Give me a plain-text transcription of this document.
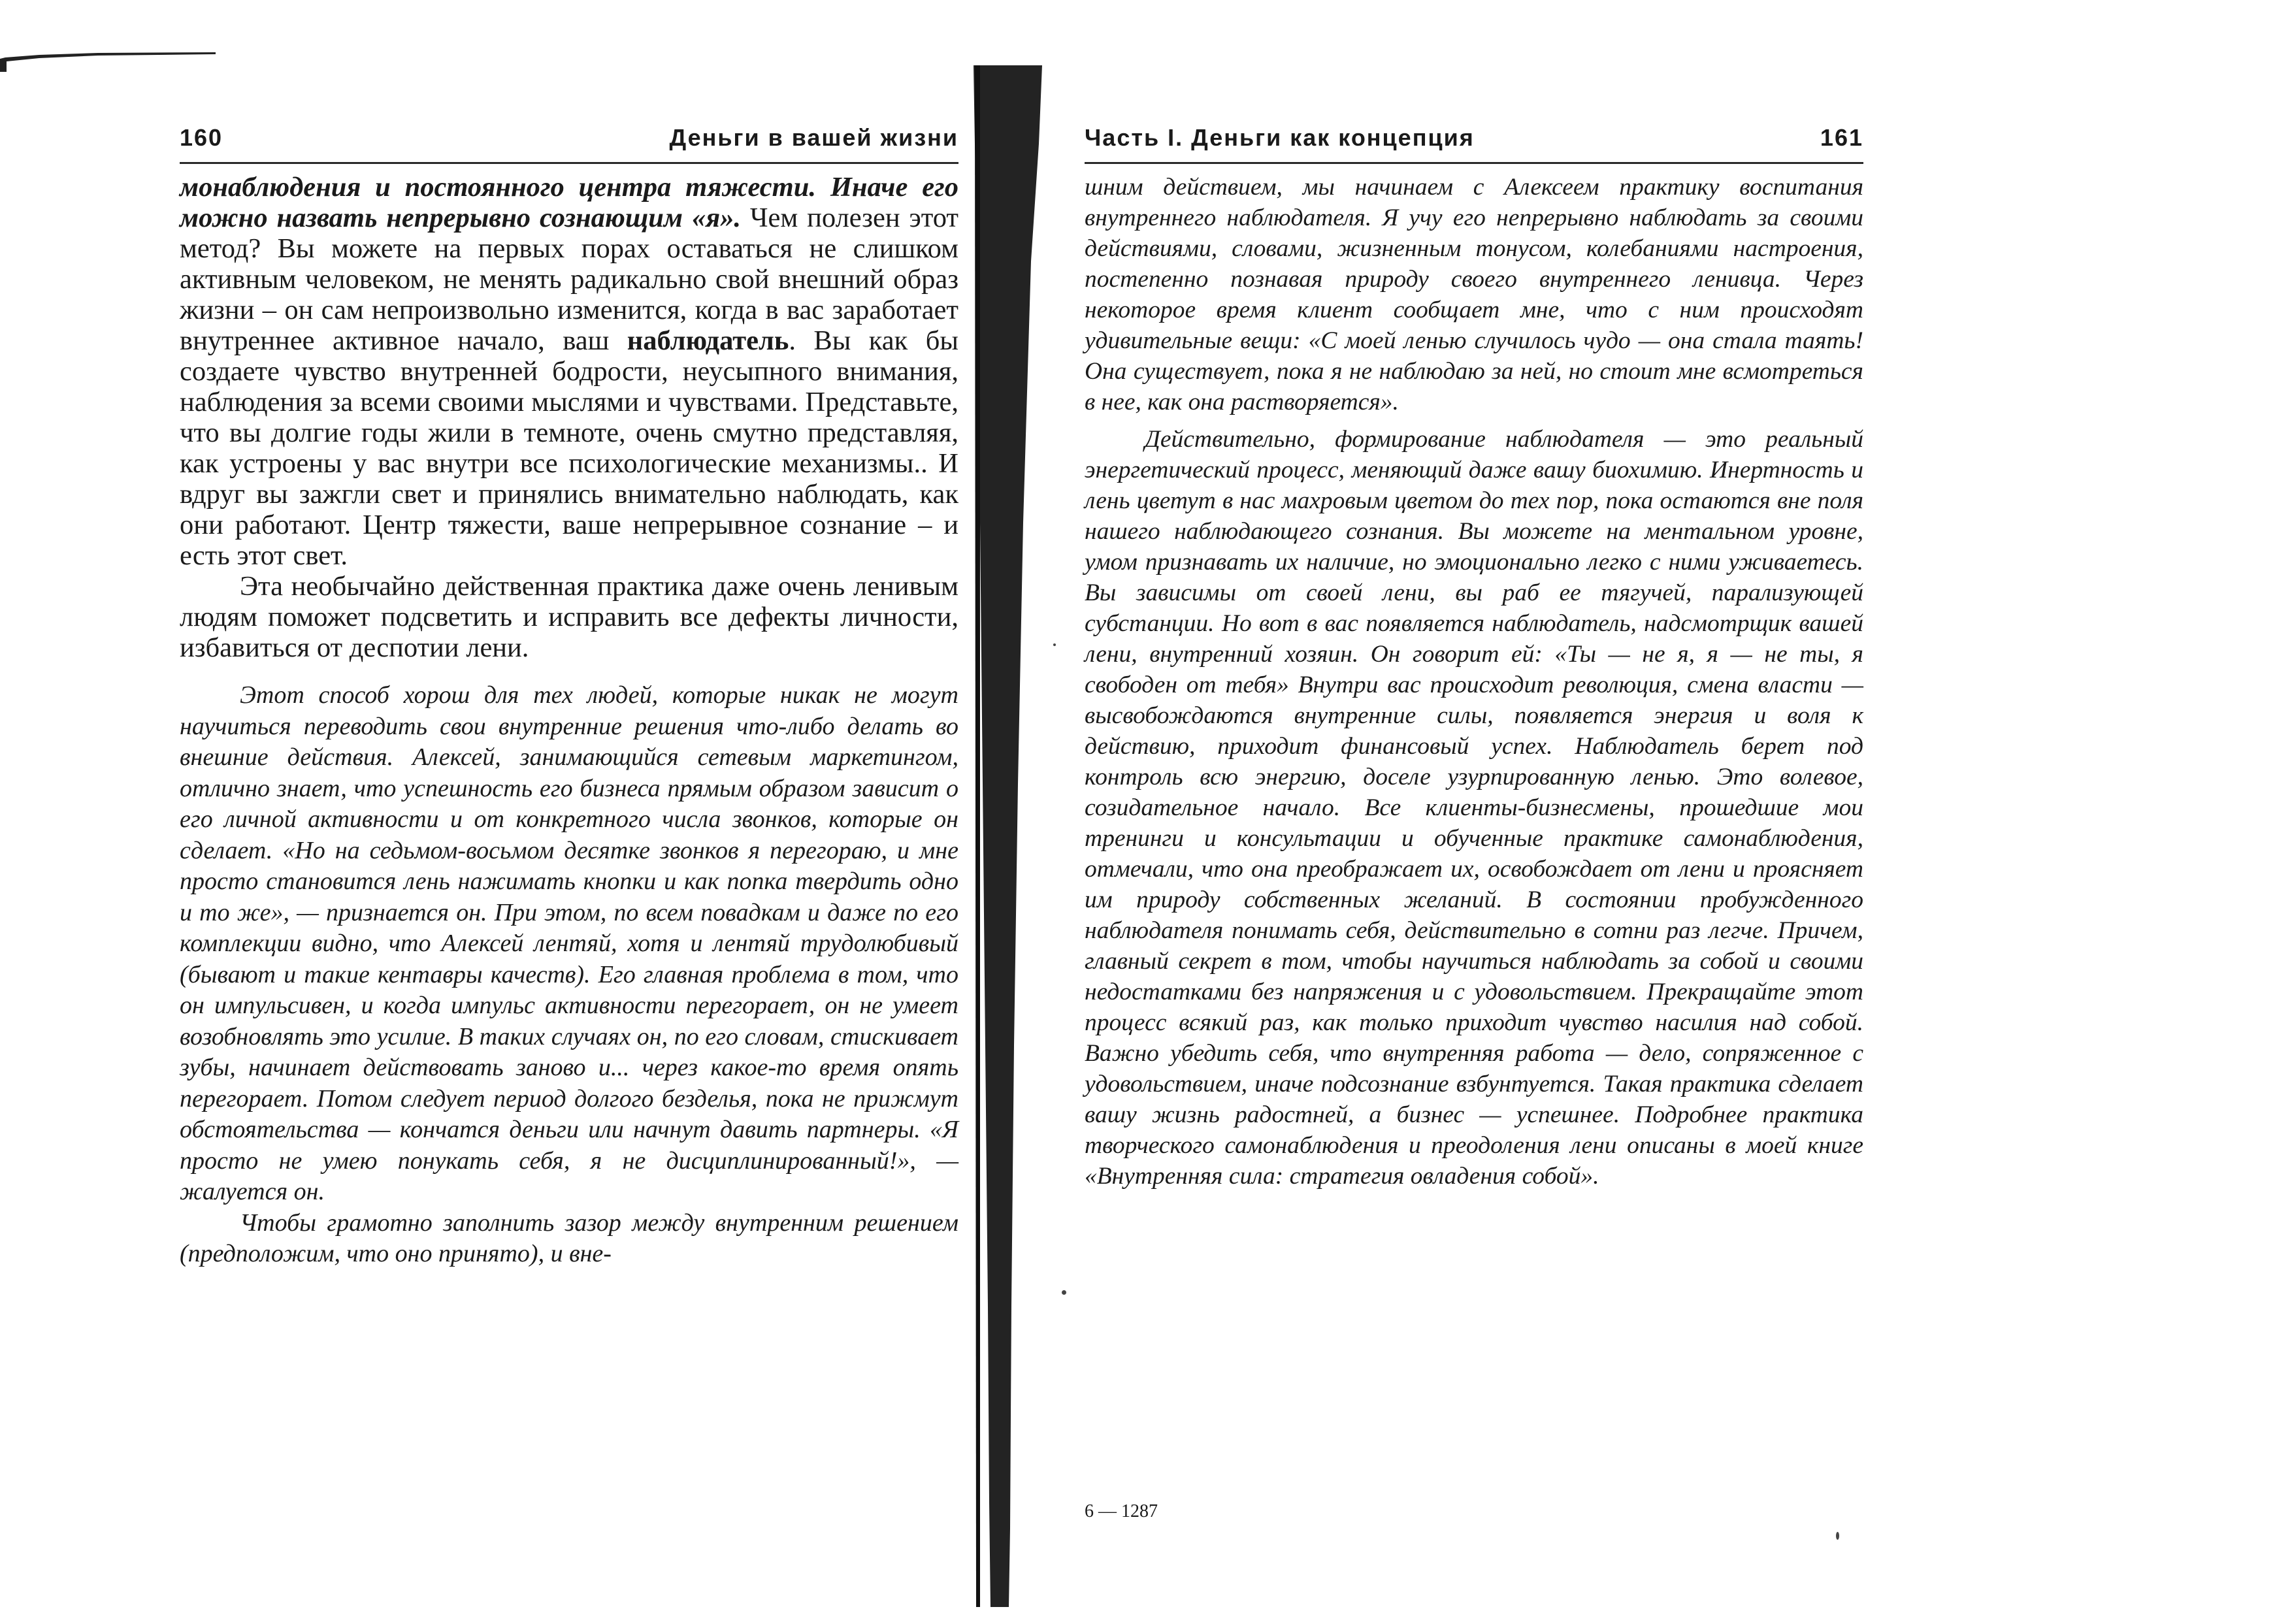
160	Деньги в вашей жизни

монаблюдения и постоянного центра тяжести. Иначе его можно назвать непрерывно сознающим «я». Чем полезен этот метод? Вы можете на первых порах оставаться не слишком активным человеком, не менять радикально свой внешний образ жизни – он сам непроизвольно изменится, когда в вас заработает внутреннее активное начало, ваш наблюдатель. Вы как бы создаете чувство внутренней бодрости, неусыпного внимания, наблюдения за всеми своими мыслями и чувствами. Представьте, что вы долгие годы жили в темноте, очень смутно представляя, как устроены у вас внутри все психологические механизмы.. И вдруг вы зажгли свет и принялись внимательно наблюдать, как они работают. Центр тяжести, ваше непрерывное сознание – и есть этот свет.

Эта необычайно действенная практика даже очень ленивым людям поможет подсветить и исправить все дефекты личности, избавиться от деспотии лени.

Этот способ хорош для тех людей, которые никак не могут научиться переводить свои внутренние решения что-либо делать во внешние действия. Алексей, занимающийся сетевым маркетингом, отлично знает, что успешность его бизнеса прямым образом зависит о его личной активности и от конкретного числа звонков, которые он сделает. «Но на седьмом-восьмом десятке звонков я перегораю, и мне просто становится лень нажимать кнопки и как попка твердить одно и то же», — признается он. При этом, по всем повадкам и даже по его комплекции видно, что Алексей лентяй, хотя и лентяй трудолюбивый (бывают и такие кентавры качеств). Его главная проблема в том, что он импульсивен, и когда импульс активности перегорает, он не умеет возобновлять это усилие. В таких случаях он, по его словам, стискивает зубы, начинает действовать заново и... через какое-то время опять перегорает. Потом следует период долгого безделья, пока не прижмут обстоятельства — кончатся деньги или начнут давить партнеры. «Я просто не умею понукать себя, я не дисциплинированный!», — жалуется он.

Чтобы грамотно заполнить зазор между внутренним решением (предположим, что оно принято), и вне-

Часть I. Деньги как концепция	161

шним действием, мы начинаем с Алексеем практику воспитания внутреннего наблюдателя. Я учу его непрерывно наблюдать за своими действиями, словами, жизненным тонусом, колебаниями настроения, постепенно познавая природу своего внутреннего ленивца. Через некоторое время клиент сообщает мне, что с ним происходят удивительные вещи: «С моей ленью случилось чудо — она стала таять! Она существует, пока я не наблюдаю за ней, но стоит мне всмотреться в нее, как она растворяется».

Действительно, формирование наблюдателя — это реальный энергетический процесс, меняющий даже вашу биохимию. Инертность и лень цветут в нас махровым цветом до тех пор, пока остаются вне поля нашего наблюдающего сознания. Вы можете на ментальном уровне, умом признавать их наличие, но эмоционально легко с ними уживаетесь. Вы зависимы от своей лени, вы раб ее тягучей, парализующей субстанции. Но вот в вас появляется наблюдатель, надсмотрщик вашей лени, внутренний хозяин. Он говорит ей: «Ты — не я, я — не ты, я свободен от тебя» Внутри вас происходит революция, смена власти — высвобождаются внутренние силы, появляется энергия и воля к действию, приходит финансовый успех. Наблюдатель берет под контроль всю энергию, доселе узурпированную ленью. Это волевое, созидательное начало. Все клиенты-бизнесмены, прошедшие мои тренинги и консультации и обученные практике самонаблюдения, отмечали, что она преображает их, освобождает от лени и проясняет им природу собственных желаний. В состоянии пробужденного наблюдателя понимать себя, действительно в сотни раз легче. Причем, главный секрет в том, чтобы научиться наблюдать за собой и своими недостатками без напряжения и с удовольствием. Прекращайте этот процесс всякий раз, как только приходит чувство насилия над собой. Важно убедить себя, что внутренняя работа — дело, сопряженное с удовольствием, иначе подсознание взбунтуется. Такая практика сделает вашу жизнь радостней, а бизнес — успешнее. Подробнее практика творческого самонаблюдения и преодоления лени описаны в моей книге «Внутренняя сила: стратегия овладения собой».

6 — 1287
